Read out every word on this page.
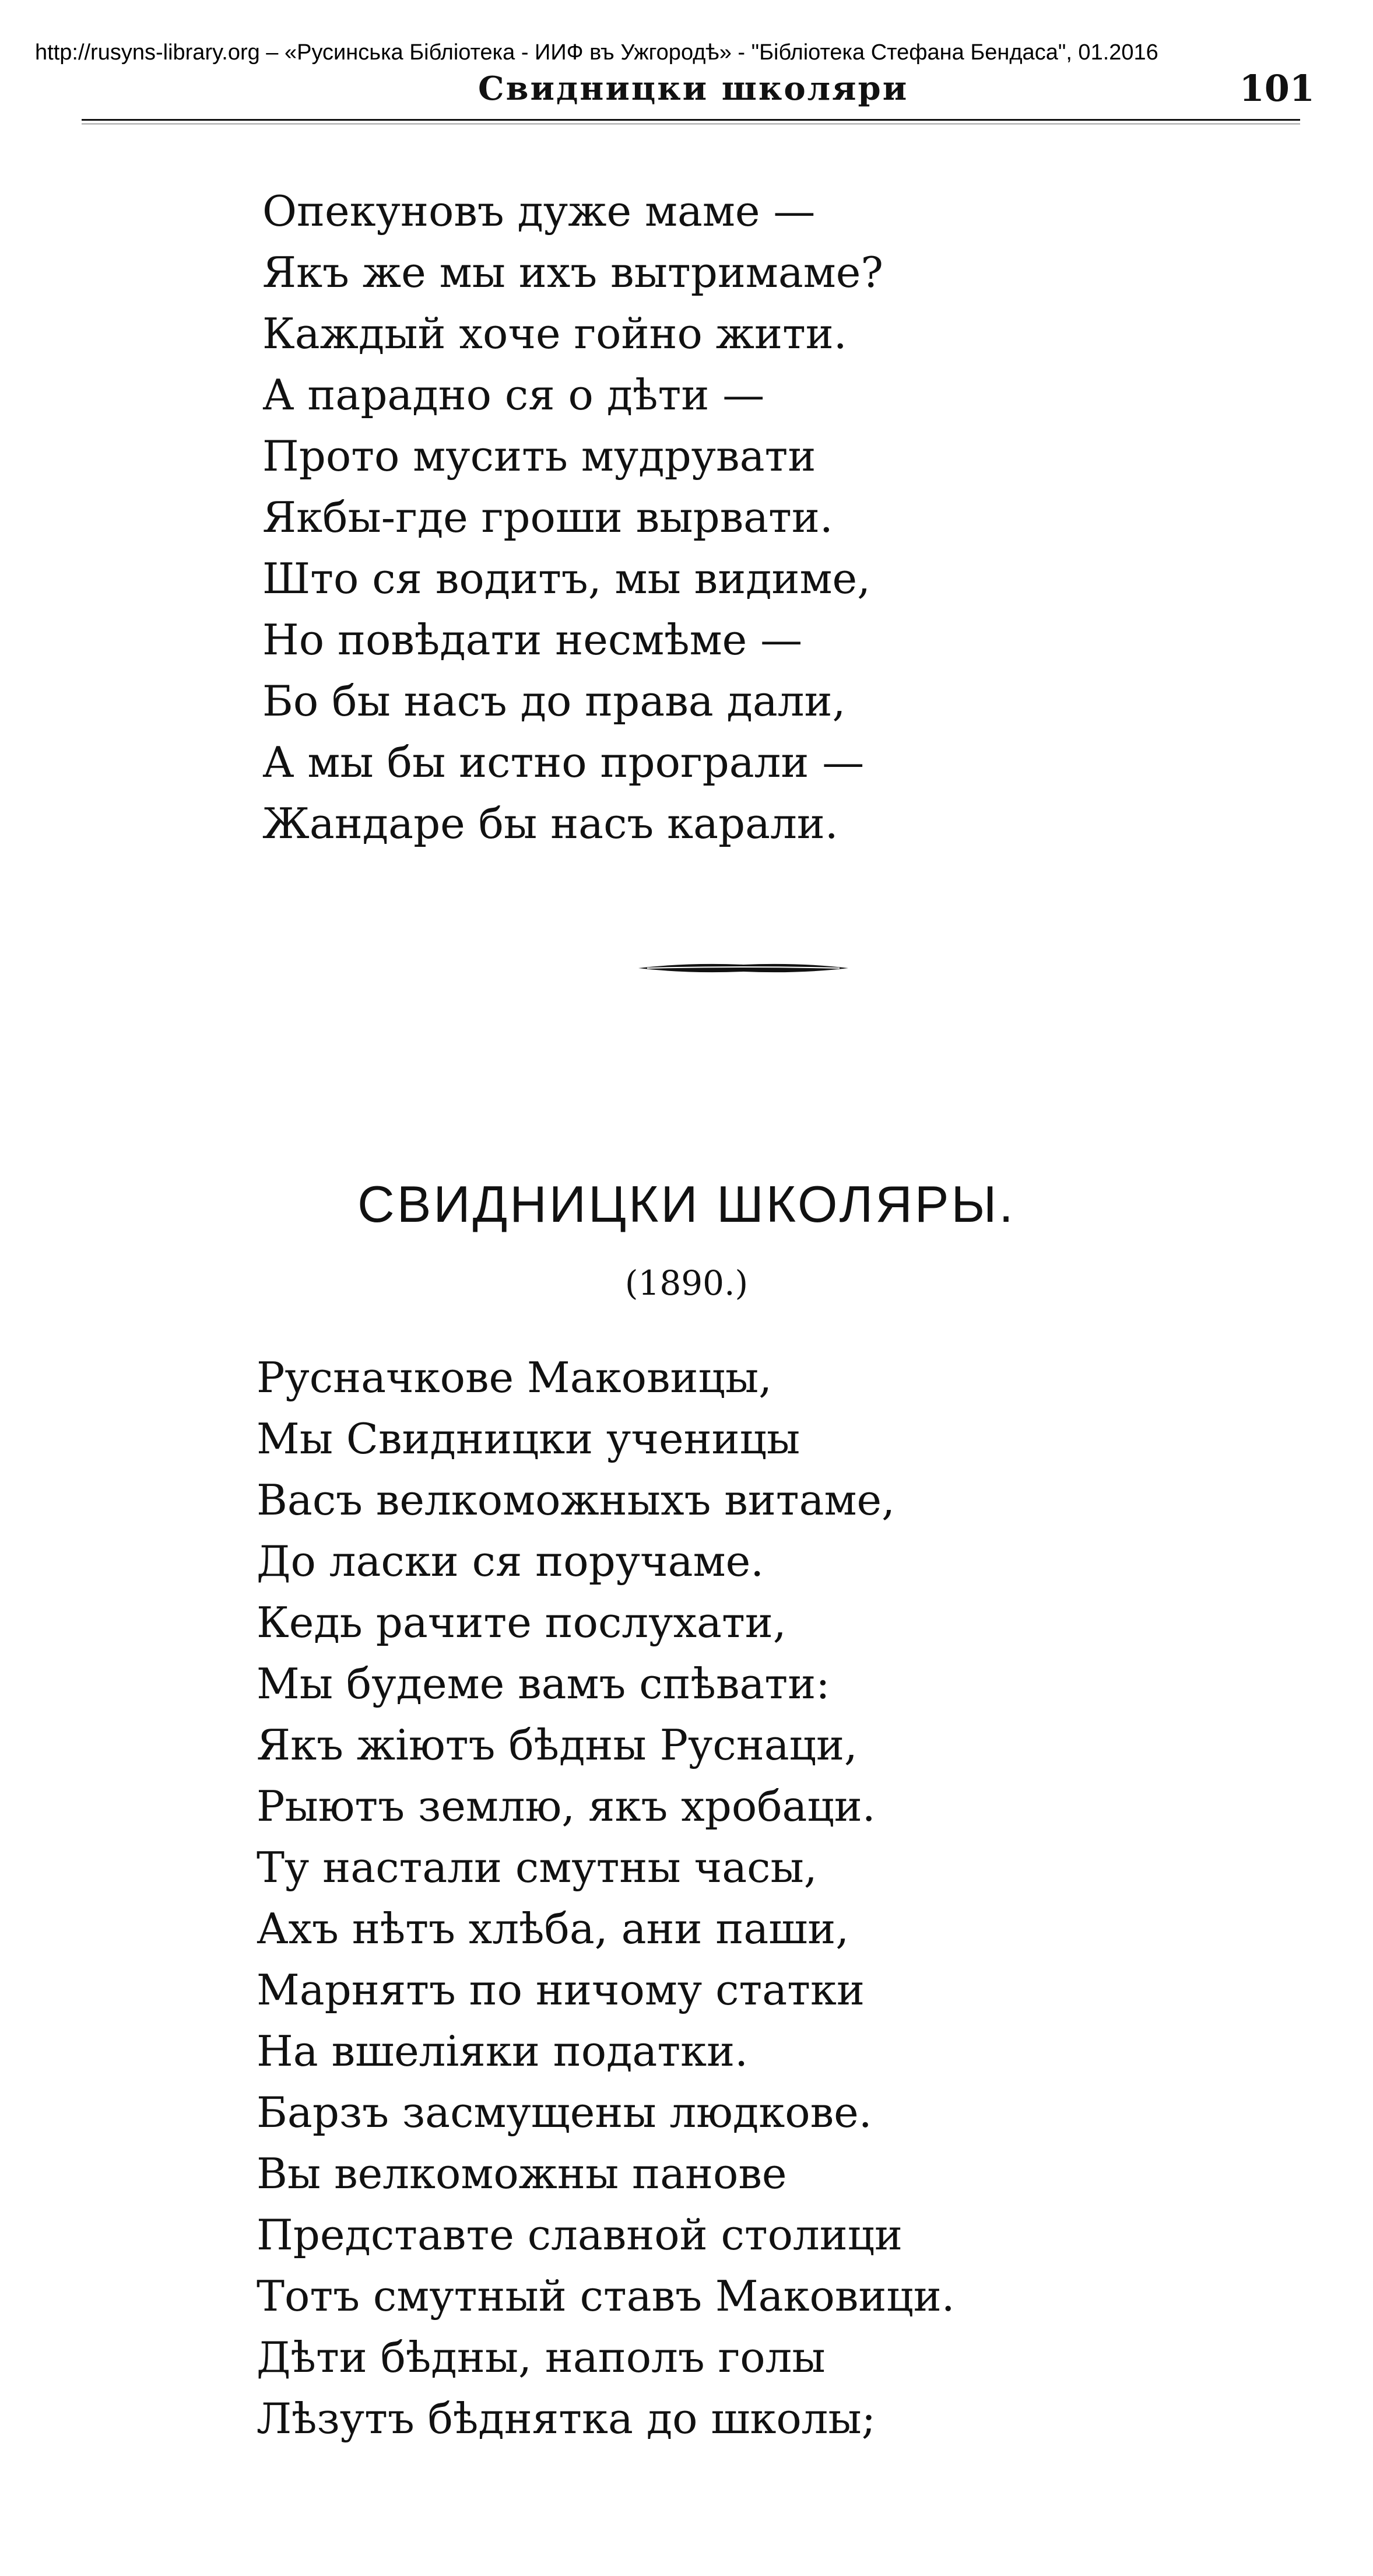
http://rusyns-library.org – «Русинська Бібліотека - ИИФ въ Ужгородѣ» - "Бібліотека Стефана Бендаса", 01.2016
Свидницки школяри	101
Опекуновъ дуже маме —
Якъ же мы ихъ вытримаме?
Каждый хоче гойно жити.
А парадно ся о дѣти —
Прото мусить мудрувати
Якбы-где гроши вырвати.
Што ся водитъ, мы видиме,
Но повѣдати несмѣме —
Бо бы насъ до права дали,
А мы бы истно програли —
Жандаре бы насъ карали.
СВИДНИЦКИ ШКОЛЯРЫ.
(1890.)
Русначкове Маковицы,
Мы Свидницки ученицы
Васъ велкоможныхъ витаме,
До ласки ся поручаме.
Кедь рачите послухати,
Мы будеме вамъ спѣвати:
Якъ жіютъ бѣдны Руснаци,
Рыютъ землю, якъ хробаци.
Ту настали смутны часы,
Ахъ нѣтъ хлѣба, ани паши,
Марнятъ по ничому статки
На вшеліяки податки.
Барзъ засмущены людкове.
Вы велкоможны панове
Представте славной столици
Тотъ смутный ставъ Маковици.
Дѣти бѣдны, наполъ голы
Лѣзутъ бѣднятка до школы;
